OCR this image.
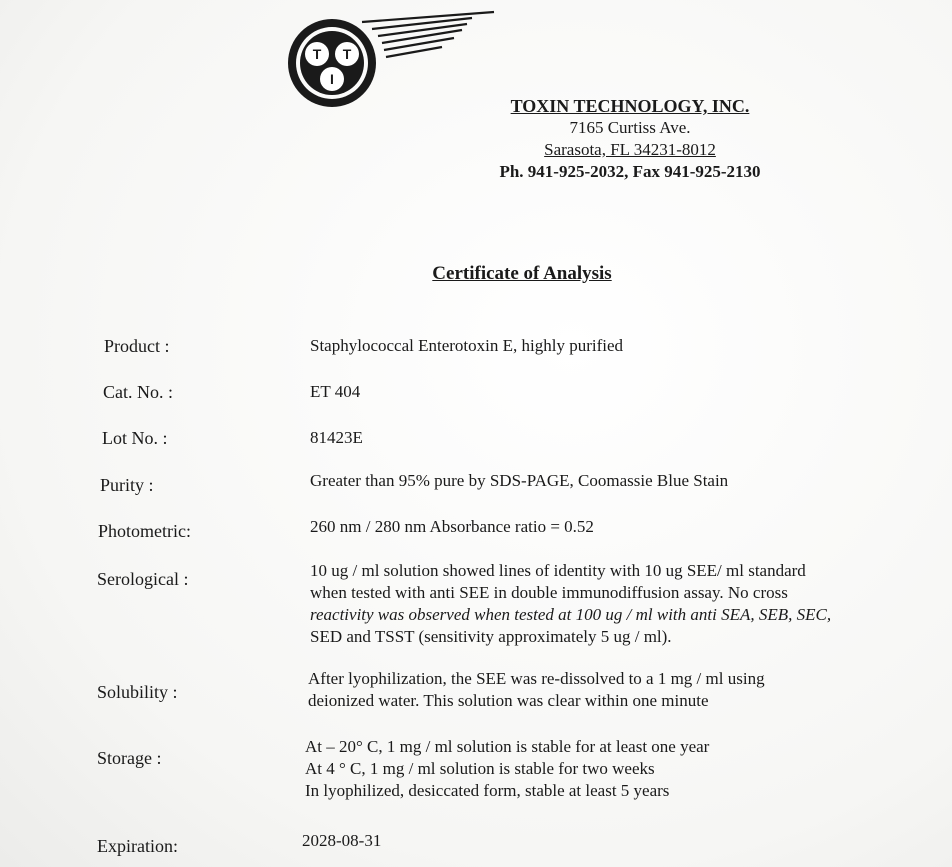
T T
I
TOXIN TECHNOLOGY, INC.
7165 Curtiss Ave.
Sarasota, FL 34231-8012
Ph. 941-925-2032, Fax 941-925-2130
Certificate of Analysis
Product :	Staphylococcal Enterotoxin E, highly purified
Cat. No. :	ET 404
Lot No. :	81423E
Purity :	Greater than 95% pure by SDS-PAGE, Coomassie Blue Stain
Photometric:	260 nm / 280 nm Absorbance ratio = 0.52
Serological :	10 ug / ml solution showed lines of identity with 10 ug SEE/ ml standard
when tested with anti SEE in double immunodiffusion assay. No cross
reactivity was observed when tested at 100 ug / ml with anti SEA, SEB, SEC,
SED and TSST (sensitivity approximately 5 ug / ml).
Solubility :
After lyophilization, the SEE was re-dissolved to a 1 mg / ml using
deionized water. This solution was clear within one minute
Storage :
At – 20° C, 1 mg / ml solution is stable for at least one year
At 4 ° C, 1 mg / ml solution is stable for two weeks
In lyophilized, desiccated form, stable at least 5 years
Expiration:	2028-08-31
